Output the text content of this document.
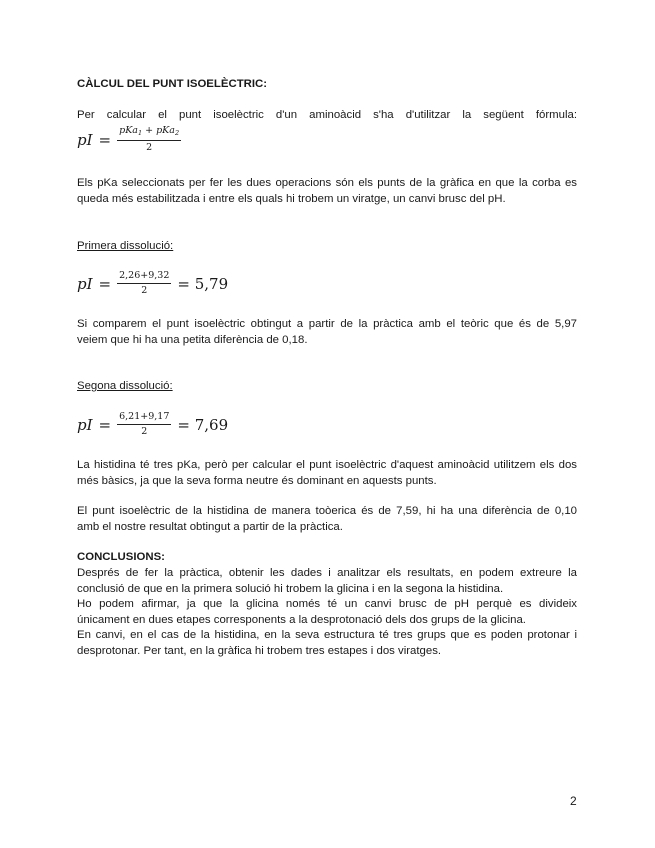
CÀLCUL DEL PUNT ISOELÈCTRIC:
Per calcular el punt isoelèctric d'un aminoàcid s'ha d'utilitzar la següent fórmula:
pI = $\frac{pKa_1 + pKa_2}{2}$

Els pKa seleccionats per fer les dues operacions són els punts de la gràfica en que la corba es

queda més estabilitzada i entre els quals hi trobem un viratge, un canvi brusc del pH.

Primera dissolució:
pI = $\frac{2,26+9,32}{2} = 5,79$

Si comparem el punt isoelèctric obtingut a partir de la pràctica amb el teòric que és de 5,97

veiem que hi ha una petita diferència de 0,18.

Segona dissolució:
pI = $\frac{6,21+9,17}{2} = 7,69$

La histidina té tres pKa, però per calcular el punt isoelèctric d'aquest aminoàcid utilitzem els dos

més bàsics, ja que la seva forma neutre és dominant en aquests punts.

El punt isoelèctric de la histidina de manera toòerica és de 7,59, hi ha una diferència de 0,10

amb el nostre resultat obtingut a partir de la pràctica.

CONCLUSIONS:

Després de fer la pràctica, obtenir les dades i analitzar els resultats, en podem extreure la

conclusió de que en la primera solució hi trobem la glicina i en la segona la histidina.

Ho podem afirmar, ja que la glicina només té un canvi brusc de pH perquè es divideix

únicament en dues etapes corresponents a la desprotonació dels dos grups de la glicina.

En canvi, en el cas de la histidina, en la seva estructura té tres grups que es poden protonar i

desprotonar. Per tant, en la gràfica hi trobem tres estapes i dos viratges.

2
